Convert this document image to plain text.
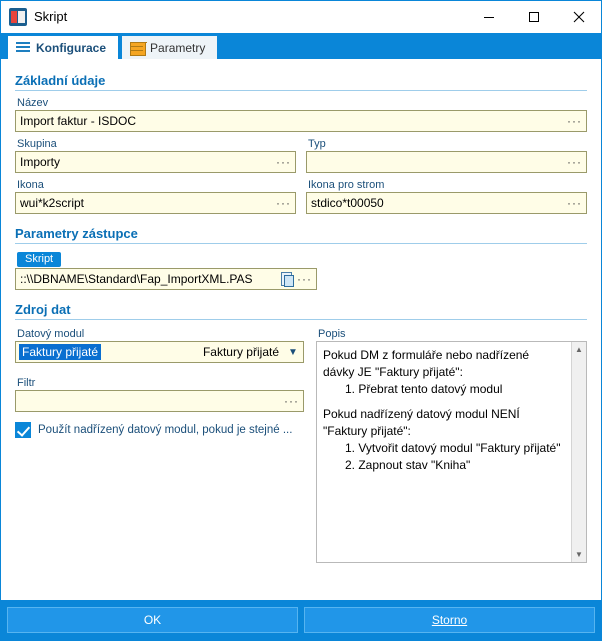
Skript
Konfigurace	Parametry
Základní údaje
Název
Import faktur - ISDOC	···
Skupina
Importy	···
Typ
···
Ikona
wui*k2script	···
Ikona pro strom
stdico*t00050	···
Parametry zástupce
Skript
::\\DBNAME\Standard\Fap_ImportXML.PAS	···
Zdroj dat
Datový modul
Faktury přijaté	Faktury přijaté ▼
Filtr
···
Použít nadřízený datový modul, pokud je stejné ...
Popis

Pokud DM z formuláře nebo nadřízené

dávky JE "Faktury přijaté":

1. Přebrat tento datový modul

Pokud nadřízený datový modul NENÍ

"Faktury přijaté":

1. Vytvořit datový modul "Faktury přijaté"

2. Zapnout stav "Kniha"

▲
▼
OK	Storno
